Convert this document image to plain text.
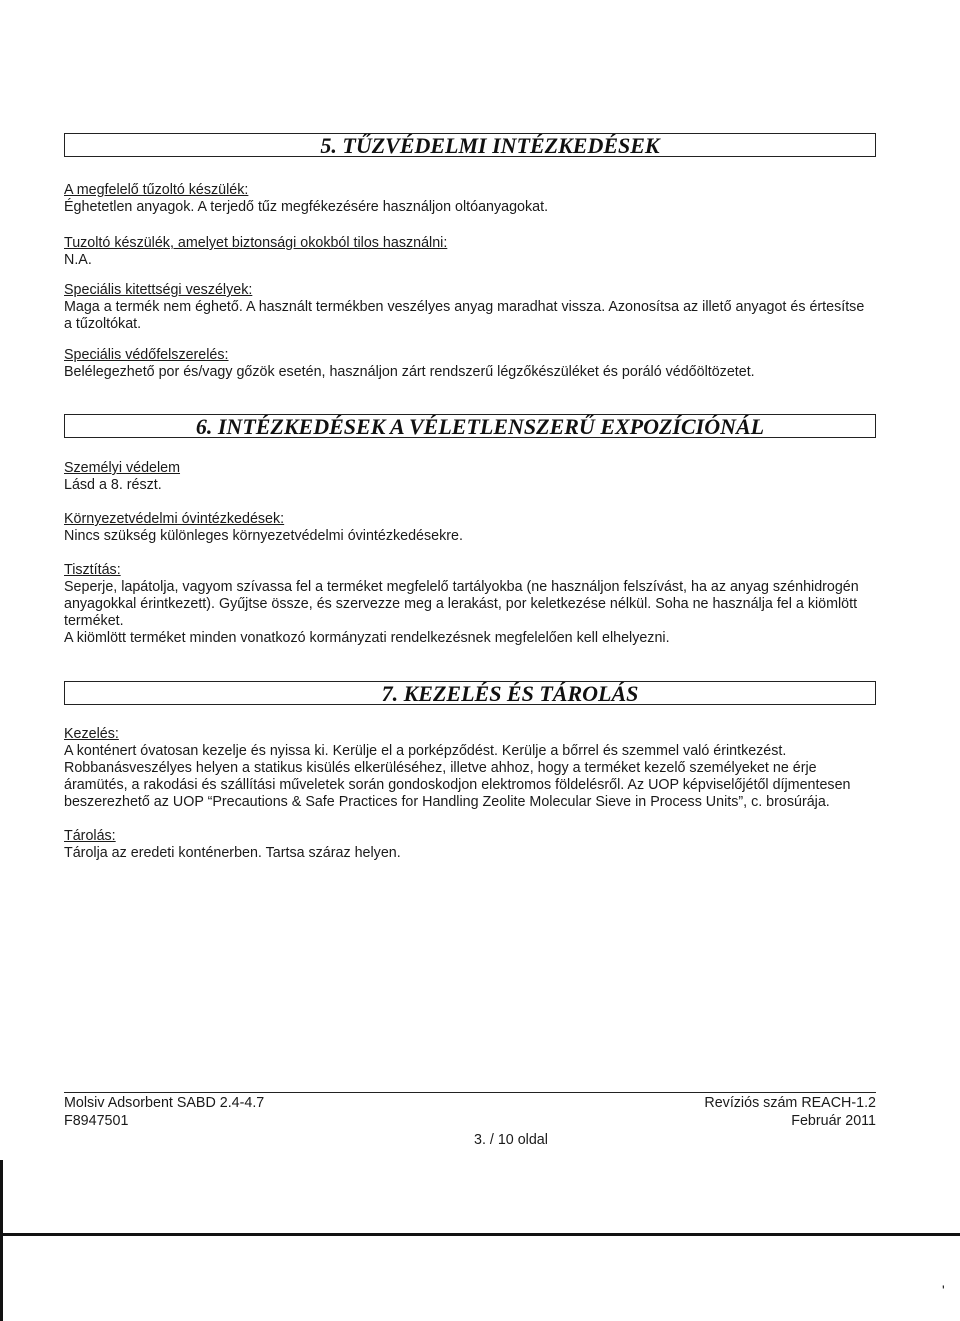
5. TŰZVÉDELMI INTÉZKEDÉSEK

A megfelelő tűzoltó készülék:

Éghetetlen anyagok. A terjedő tűz megfékezésére használjon oltóanyagokat.

Tuzoltó készülék, amelyet biztonsági okokból tilos használni:

N.A.

Speciális kitettségi veszélyek:

Maga a termék nem éghető. A használt termékben veszélyes anyag maradhat vissza. Azonosítsa az illető anyagot és értesítse a tűzoltókat.

Speciális védőfelszerelés:

Belélegezhető por és/vagy gőzök esetén, használjon zárt rendszerű légzőkészüléket és poráló védőöltözetet.

6. INTÉZKEDÉSEK A VÉLETLENSZERŰ EXPOZÍCIÓNÁL

Személyi védelem

Lásd a 8. részt.

Környezetvédelmi óvintézkedések:

Nincs szükség különleges környezetvédelmi óvintézkedésekre.

Tisztítás:

Seperje, lapátolja, vagyom szívassa fel a terméket megfelelő tartályokba (ne használjon felszívást, ha az anyag szénhidrogén anyagokkal érintkezett). Gyűjtse össze, és szervezze meg a lerakást, por keletkezése nélkül. Soha ne használja fel a kiömlött terméket.

A kiömlött terméket minden vonatkozó kormányzati rendelkezésnek megfelelően kell elhelyezni.

7. KEZELÉS ÉS TÁROLÁS

Kezelés:

A konténert óvatosan kezelje és nyissa ki. Kerülje el a porképződést. Kerülje a bőrrel és szemmel való érintkezést. Robbanásveszélyes helyen a statikus kisülés elkerüléséhez, illetve ahhoz, hogy a terméket kezelő személyeket ne érje áramütés, a rakodási és szállítási műveletek során gondoskodjon elektromos földelésről. Az UOP képviselőjétől díjmentesen beszerezhető az UOP “Precautions & Safe Practices for Handling Zeolite Molecular Sieve in Process Units”, c. brosúrája.

Tárolás:

Tárolja az eredeti konténerben. Tartsa száraz helyen.

Molsiv Adsorbent SABD 2.4-4.7
F8947501
Revíziós szám REACH-1.2
Február 2011
3. / 10 oldal
ʹ
